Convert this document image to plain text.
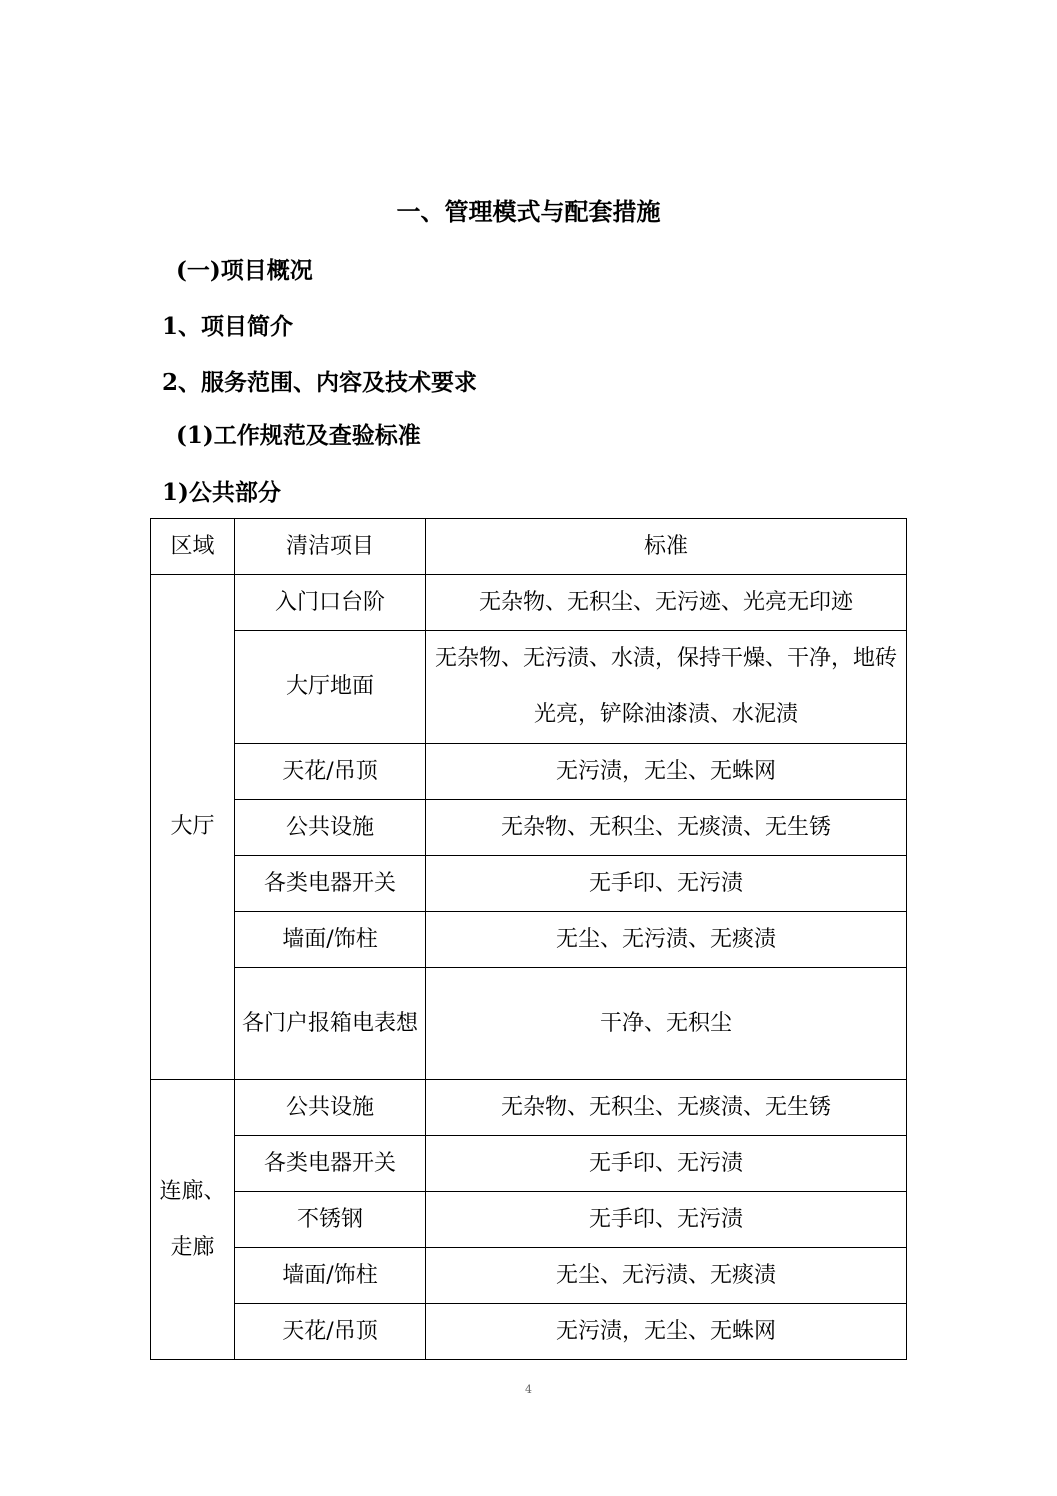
一、管理模式与配套措施
(一)项目概况
1、项目简介
2、服务范围、内容及技术要求
(1)工作规范及查验标准
1)公共部分
区域	清洁项目	标准
大厅	入门口台阶	无杂物、无积尘、无污迹、光亮无印迹
	大厅地面	无杂物、无污渍、水渍，保持干燥、干净，地砖光亮，铲除油漆渍、水泥渍
	天花/吊顶	无污渍，无尘、无蛛网
	公共设施	无杂物、无积尘、无痰渍、无生锈
	各类电器开关	无手印、无污渍
	墙面/饰柱	无尘、无污渍、无痰渍
	各门户报箱电表想	干净、无积尘
连廊、走廊	公共设施	无杂物、无积尘、无痰渍、无生锈
	各类电器开关	无手印、无污渍
	不锈钢	无手印、无污渍
	墙面/饰柱	无尘、无污渍、无痰渍
	天花/吊顶	无污渍，无尘、无蛛网
4
